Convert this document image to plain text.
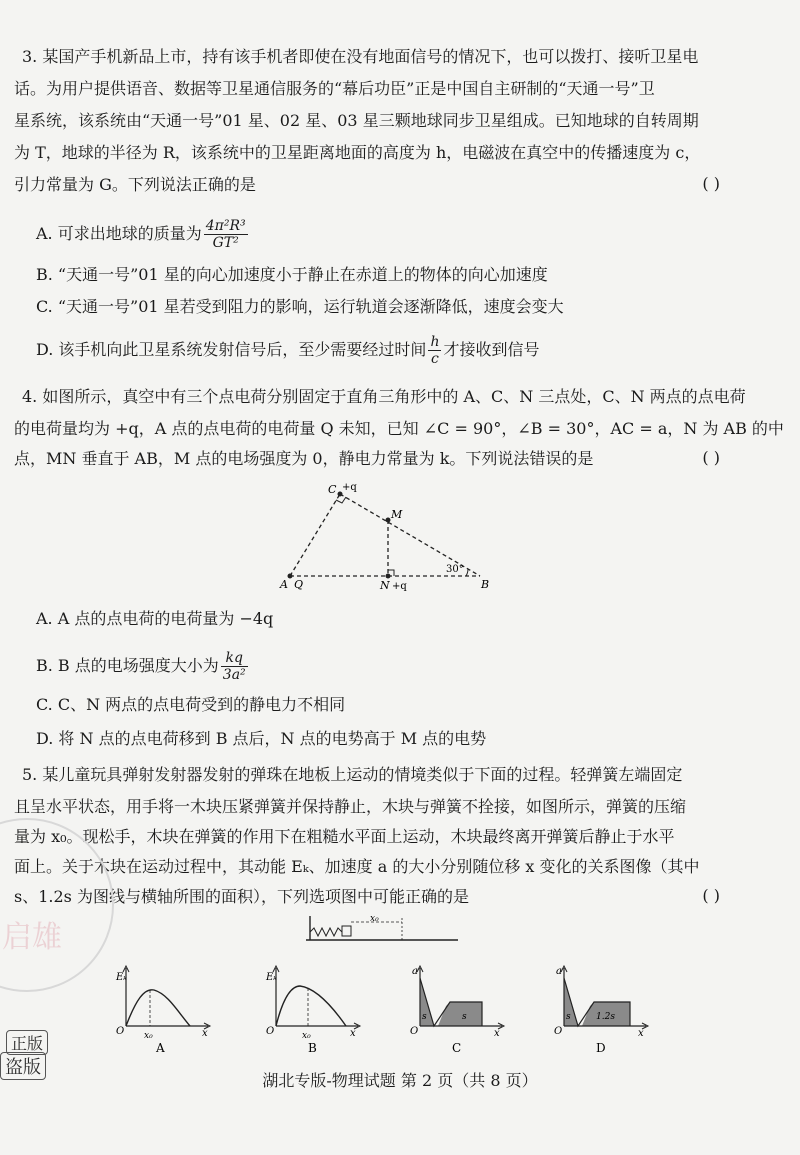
3. 某国产手机新品上市，持有该手机者即使在没有地面信号的情况下，也可以拨打、接听卫星电
话。为用户提供语音、数据等卫星通信服务的“幕后功臣”正是中国自主研制的“天通一号”卫
星系统，该系统由“天通一号”01 星、02 星、03 星三颗地球同步卫星组成。已知地球的自转周期
为 T，地球的半径为 R，该系统中的卫星距离地面的高度为 h，电磁波在真空中的传播速度为 c，
引力常量为 G。下列说法正确的是	( )
A. 可求出地球的质量为 $\frac{\text{4π²R³}}{\text{GT²}}$
B. “天通一号”01 星的向心加速度小于静止在赤道上的物体的向心加速度
C. “天通一号”01 星若受到阻力的影响，运行轨道会逐渐降低，速度会变大
D. 该手机向此卫星系统发射信号后，至少需要经过时间 $\frac{h}{c}$ 才接收到信号
4. 如图所示，真空中有三个点电荷分别固定于直角三角形中的 A、C、N 三点处，C、N 两点的点电荷
的电荷量均为 +q，A 点的点电荷的电荷量 Q 未知，已知 ∠C = 90°，∠B = 30°，AC = a，N 为 AB 的中
点，MN 垂直于 AB，M 点的电场强度为 0，静电力常量为 k。下列说法错误的是	( )
C +q
M
A Q	N +q	B
30°
A. A 点的点电荷的电荷量为 −4q
B. B 点的电场强度大小为 $\frac{kq}{\text{3a²}}$
C. C、N 两点的点电荷受到的静电力不相同
D. 将 N 点的点电荷移到 B 点后，N 点的电势高于 M 点的电势
5. 某儿童玩具弹射发射器发射的弹珠在地板上运动的情境类似于下面的过程。轻弹簧左端固定
且呈水平状态，用手将一木块压紧弹簧并保持静止，木块与弹簧不拴接，如图所示，弹簧的压缩
量为 x₀。现松手，木块在弹簧的作用下在粗糙水平面上运动，木块最终离开弹簧后静止于水平
面上。关于木块在运动过程中，其动能 Eₖ、加速度 a 的大小分别随位移 x 变化的关系图像（其中
s、1.2s 为图线与横轴所围的面积），下列选项图中可能正确的是	( )
x₀
Eₖ
O x₀	x
A
Eₖ
O	x₀	x
B
a
O
s	s
x
C
a
O
s	1.2s
x
D
启雄
正版
盗版
湖北专版-物理试题 第 2 页（共 8 页）
